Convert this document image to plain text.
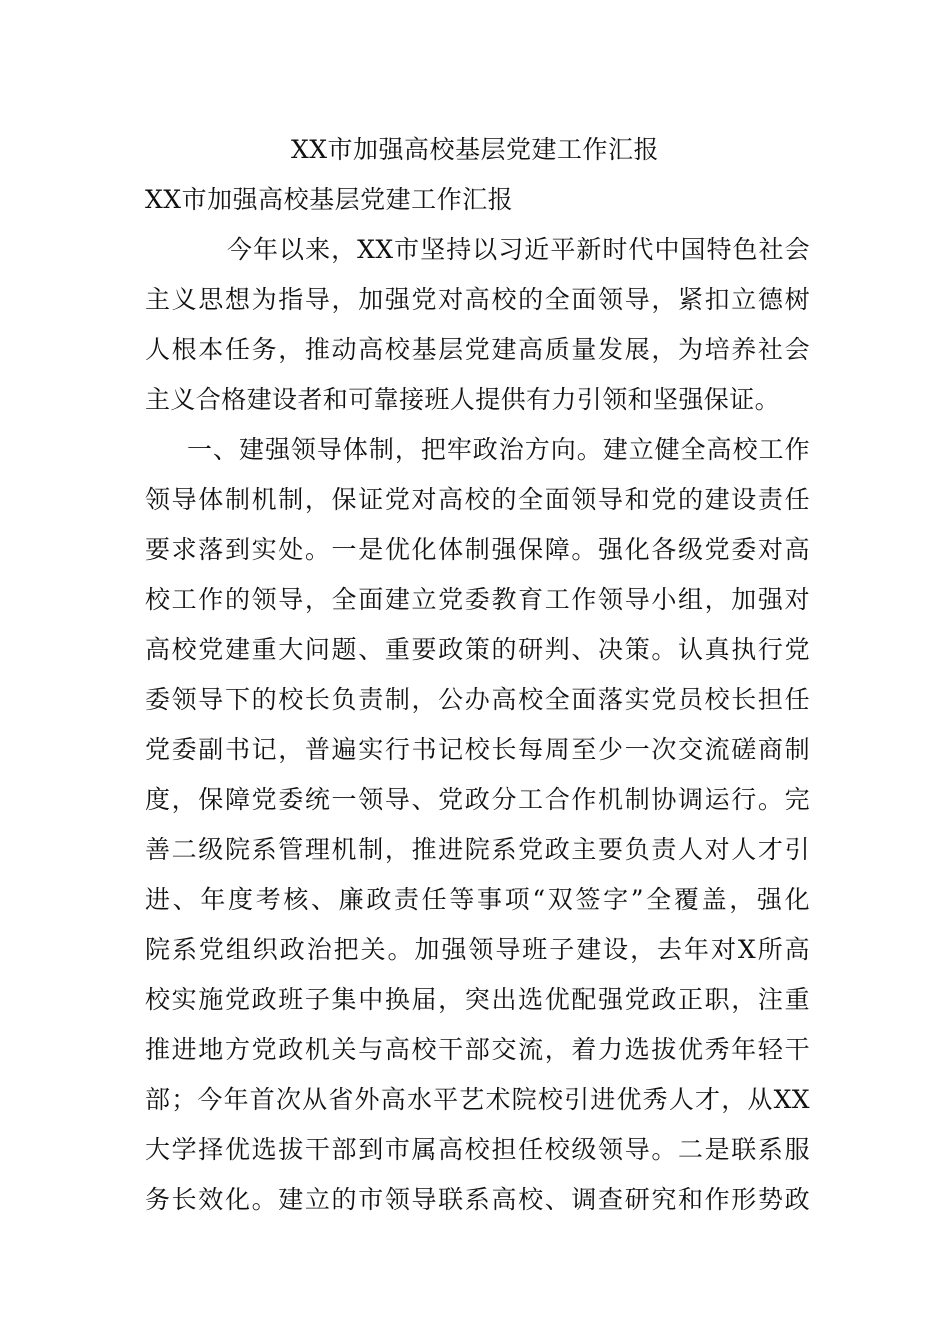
XX市加强高校基层党建工作汇报
XX市加强高校基层党建工作汇报
今年以来，XX市坚持以习近平新时代中国特色社会
主义思想为指导，加强党对高校的全面领导，紧扣立德树
人根本任务，推动高校基层党建高质量发展，为培养社会
主义合格建设者和可靠接班人提供有力引领和坚强保证。
一、建强领导体制，把牢政治方向。建立健全高校工作
领导体制机制，保证党对高校的全面领导和党的建设责任
要求落到实处。一是优化体制强保障。强化各级党委对高
校工作的领导，全面建立党委教育工作领导小组，加强对
高校党建重大问题、重要政策的研判、决策。认真执行党
委领导下的校长负责制，公办高校全面落实党员校长担任
党委副书记，普遍实行书记校长每周至少一次交流磋商制
度，保障党委统一领导、党政分工合作机制协调运行。完
善二级院系管理机制，推进院系党政主要负责人对人才引
进、年度考核、廉政责任等事项“双签字”全覆盖，强化
院系党组织政治把关。加强领导班子建设，去年对X所高
校实施党政班子集中换届，突出选优配强党政正职，注重
推进地方党政机关与高校干部交流，着力选拔优秀年轻干
部；今年首次从省外高水平艺术院校引进优秀人才，从XX
大学择优选拔干部到市属高校担任校级领导。二是联系服
务长效化。建立的市领导联系高校、调查研究和作形势政
